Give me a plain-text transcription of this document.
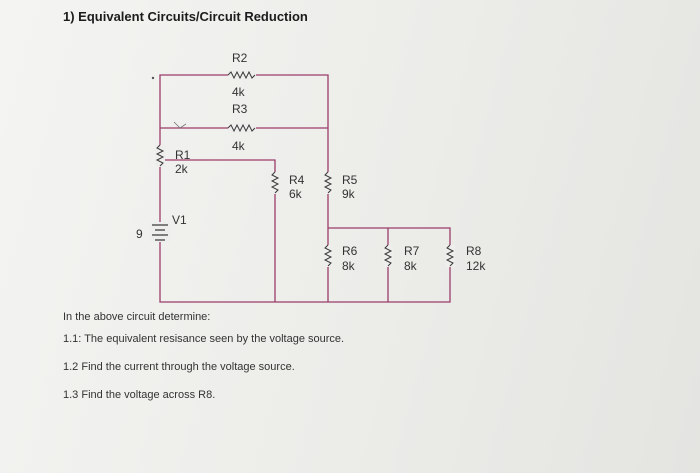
1) Equivalent Circuits/Circuit Reduction
R2
4k
R3
4k
R1
2k
R4
6k
R5
9k
R6
8k
R7
8k
R8
12k
V1
9
In the above circuit determine:
1.1: The equivalent resisance seen by the voltage source.
1.2 Find the current through the voltage source.
1.3 Find the voltage across R8.
